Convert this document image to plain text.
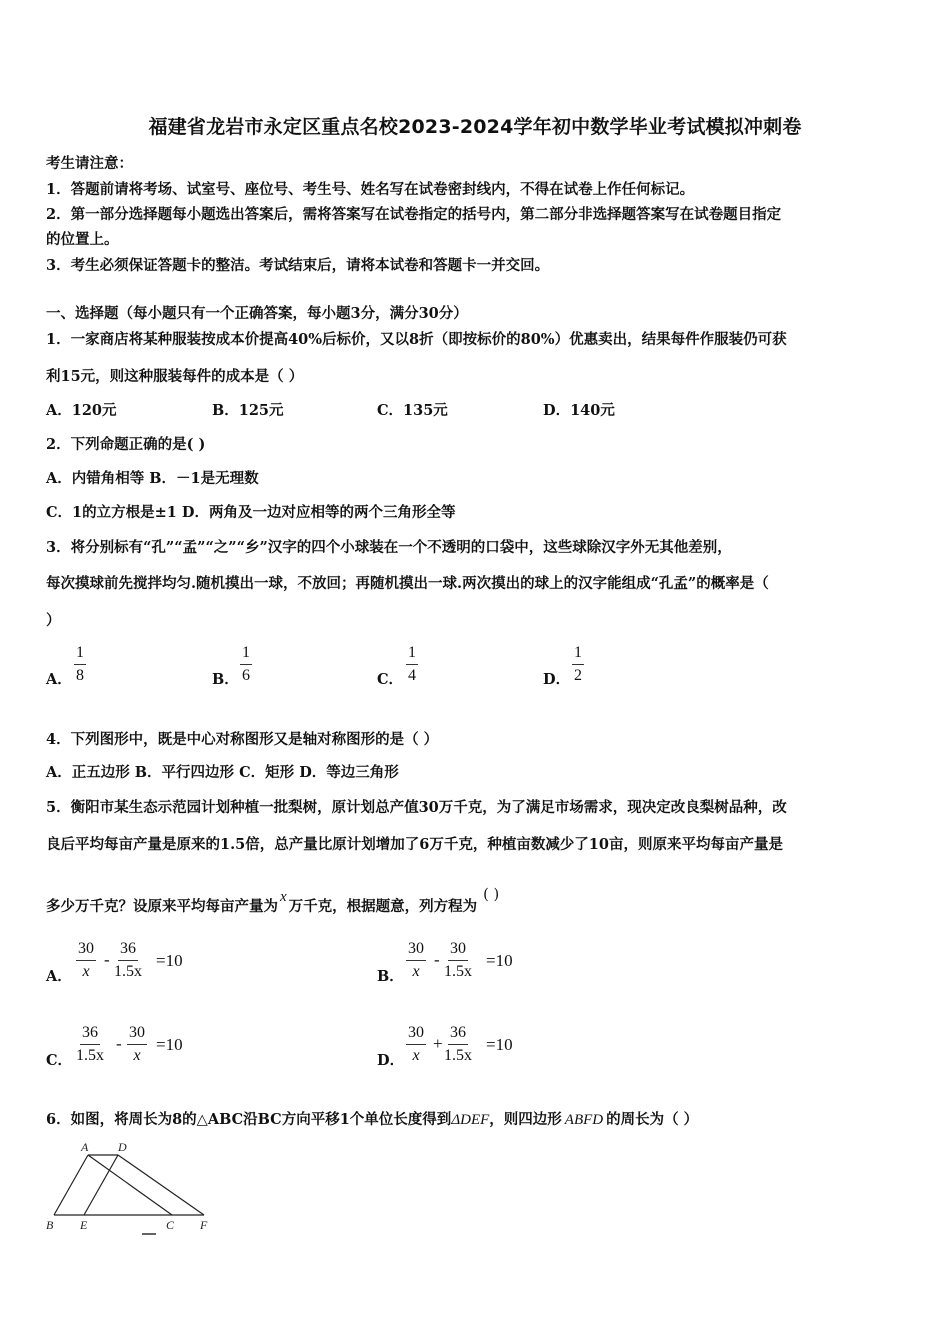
福建省龙岩市永定区重点名校2023-2024学年初中数学毕业考试模拟冲刺卷
考生请注意：
1．答题前请将考场、试室号、座位号、考生号、姓名写在试卷密封线内，不得在试卷上作任何标记。
2．第一部分选择题每小题选出答案后，需将答案写在试卷指定的括号内，第二部分非选择题答案写在试卷题目指定
的位置上。
3．考生必须保证答题卡的整洁。考试结束后，请将本试卷和答题卡一并交回。
一、选择题（每小题只有一个正确答案，每小题3分，满分30分）
1．一家商店将某种服装按成本价提高40%后标价，又以8折（即按标价的80%）优惠卖出，结果每件作服装仍可获
利15元，则这种服装每件的成本是（ ）
A．120元	B．125元	C．135元	D．140元
2．下列命题正确的是( )
A．内错角相等 B．－1是无理数
C．1的立方根是±1 D．两角及一边对应相等的两个三角形全等
3．将分别标有“孔”“孟”“之”“乡”汉字的四个小球装在一个不透明的口袋中，这些球除汉字外无其他差别，
每次摸球前先搅拌均匀.随机摸出一球，不放回；再随机摸出一球.两次摸出的球上的汉字能组成“孔孟”的概率是（
）
A． $\frac{1}{8}$	B． $\frac{1}{6}$	C． $\frac{1}{4}$	D． $\frac{1}{2}$
4．下列图形中，既是中心对称图形又是轴对称图形的是（ ）
A．正五边形 B．平行四边形 C．矩形 D．等边三角形
5．衡阳市某生态示范园计划种植一批梨树，原计划总产值30万千克，为了满足市场需求，现决定改良梨树品种，改
良后平均每亩产量是原来的1.5倍，总产量比原计划增加了6万千克，种植亩数减少了10亩，则原来平均每亩产量是
多少万千克？设原来平均每亩产量为x万千克，根据题意，列方程为( )
A． $\frac{30}{x} - \frac{36}{1.5x} =10$
B． $\frac{30}{x} - \frac{30}{1.5x} =10$
C． $\frac{36}{1.5x} - \frac{30}{x} =10$
D． $\frac{30}{x} + \frac{36}{1.5x} =10$
6．如图，将周长为8的△ABC沿BC方向平移1个单位长度得到ΔDEF，则四边形 ABFD 的周长为（ ）
A D
B E	C F
